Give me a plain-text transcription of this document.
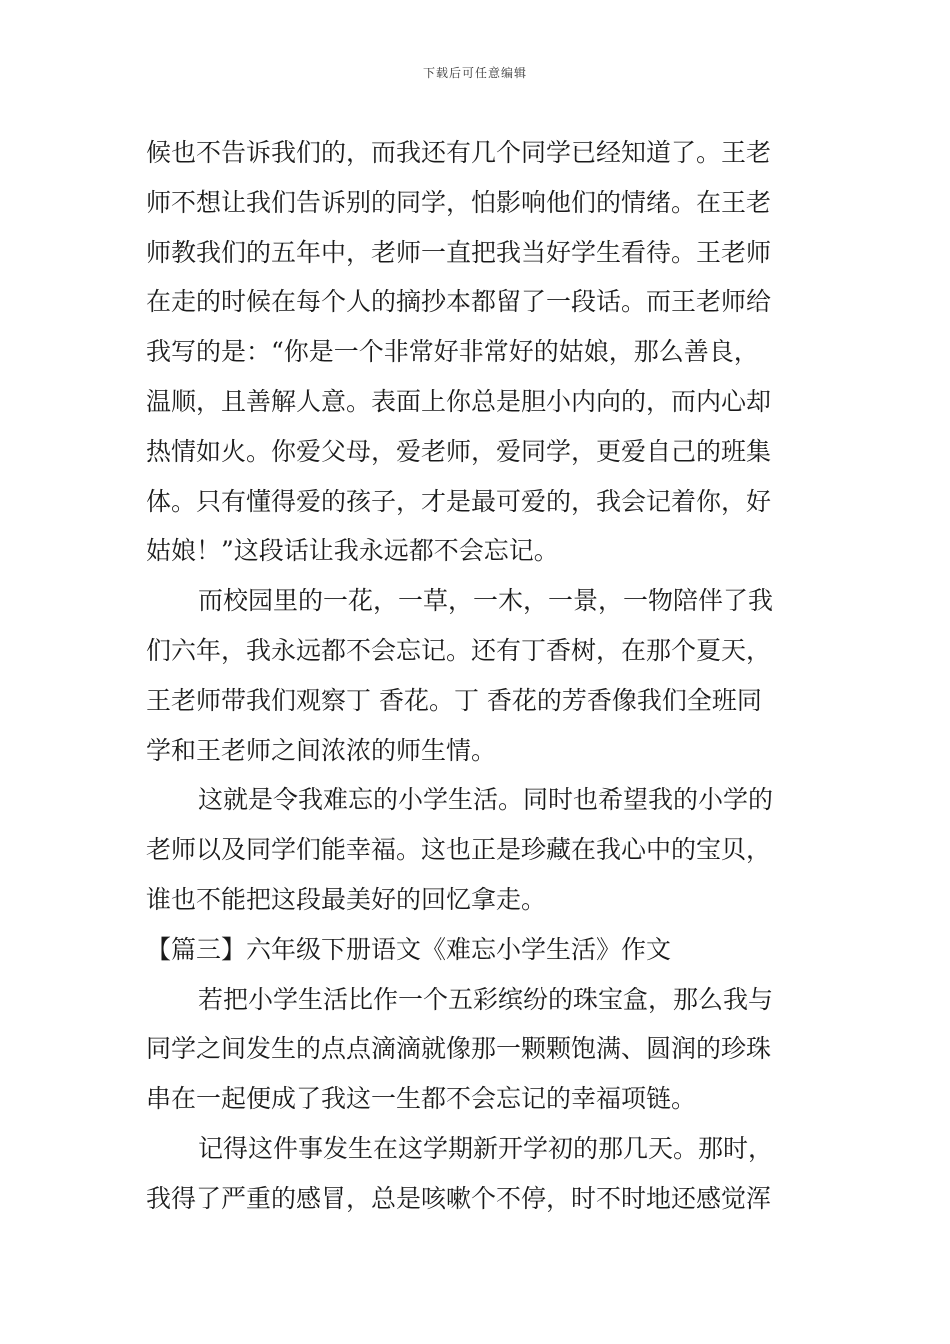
下载后可任意编辑
候也不告诉我们的，而我还有几个同学已经知道了。王老
师不想让我们告诉别的同学，怕影响他们的情绪。在王老
师教我们的五年中，老师一直把我当好学生看待。王老师
在走的时候在每个人的摘抄本都留了一段话。而王老师给
我写的是：“你是一个非常好非常好的姑娘，那么善良，
温顺，且善解人意。表面上你总是胆小内向的，而内心却
热情如火。你爱父母，爱老师，爱同学，更爱自己的班集
体。只有懂得爱的孩子，才是最可爱的，我会记着你，好
姑娘！”这段话让我永远都不会忘记。
而校园里的一花，一草，一木，一景，一物陪伴了我
们六年，我永远都不会忘记。还有丁香树，在那个夏天，
王老师带我们观察丁 香花。丁 香花的芳香像我们全班同
学和王老师之间浓浓的师生情。
这就是令我难忘的小学生活。同时也希望我的小学的
老师以及同学们能幸福。这也正是珍藏在我心中的宝贝，
谁也不能把这段最美好的回忆拿走。
【篇三】六年级下册语文《难忘小学生活》作文
若把小学生活比作一个五彩缤纷的珠宝盒，那么我与
同学之间发生的点点滴滴就像那一颗颗饱满、圆润的珍珠
串在一起便成了我这一生都不会忘记的幸福项链。
记得这件事发生在这学期新开学初的那几天。那时，
我得了严重的感冒，总是咳嗽个不停，时不时地还感觉浑
